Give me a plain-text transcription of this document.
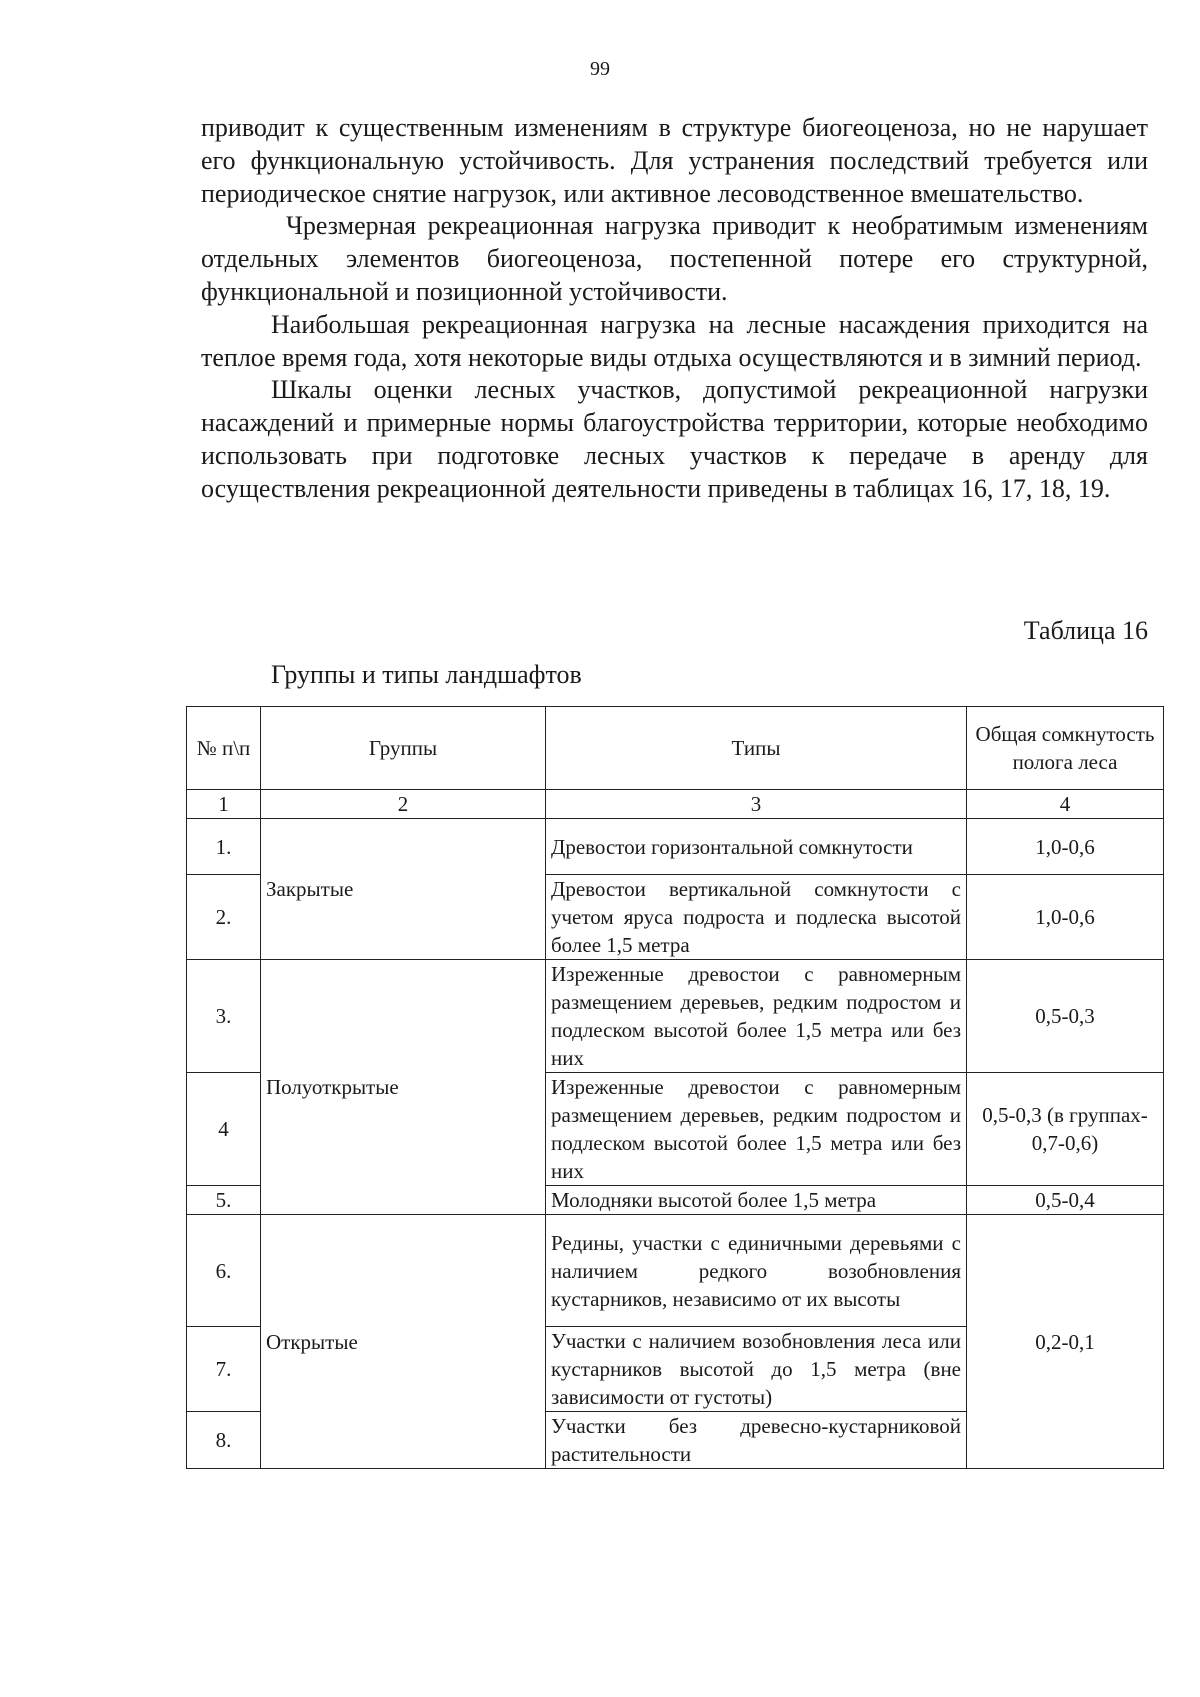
99

приводит к существенным изменениям в структуре биогеоценоза, но не нарушает его функциональную устойчивость. Для устранения последствий требуется или периодическое снятие нагрузок, или активное лесоводственное вмешательство.

Чрезмерная рекреационная нагрузка приводит к необратимым изменениям отдельных элементов биогеоценоза, постепенной потере его структурной, функциональной и позиционной устойчивости.

Наибольшая рекреационная нагрузка на лесные насаждения приходится на теплое время года, хотя некоторые виды отдыха осуществляются и в зимний период.

Шкалы оценки лесных участков, допустимой рекреационной нагрузки насаждений и примерные нормы благоустройства территории, которые необходимо использовать при подготовке лесных участков к передаче в аренду для осуществления рекреационной деятельности приведены в таблицах 16, 17, 18, 19.

Таблица 16
Группы и типы ландшафтов
№ п\п	Группы	Типы	Общая сомкнутость полога леса
1	2	3	4
1.	Закрытые	Древостои горизонтальной сомкнутости	1,0-0,6
2.		Древостои вертикальной сомкнутости с учетом яруса подроста и подлеска высотой более 1,5 метра	1,0-0,6
3.	Полуоткрытые	Изреженные древостои с равномерным размещением деревьев, редким подростом и подлеском высотой более 1,5 метра или без них	0,5-0,3
4		Изреженные древостои с равномерным размещением деревьев, редким подростом и подлеском высотой более 1,5 метра или без них	0,5-0,3 (в группах- 0,7-0,6)
5.		Молодняки высотой более 1,5 метра	0,5-0,4
6.	Открытые	Редины, участки с единичными деревьями с наличием редкого возобновления кустарников, независимо от их высоты	0,2-0,1
7.		Участки с наличием возобновления леса или кустарников высотой до 1,5 метра (вне зависимости от густоты)	
8.		Участки без древесно-кустарниковой растительности	
